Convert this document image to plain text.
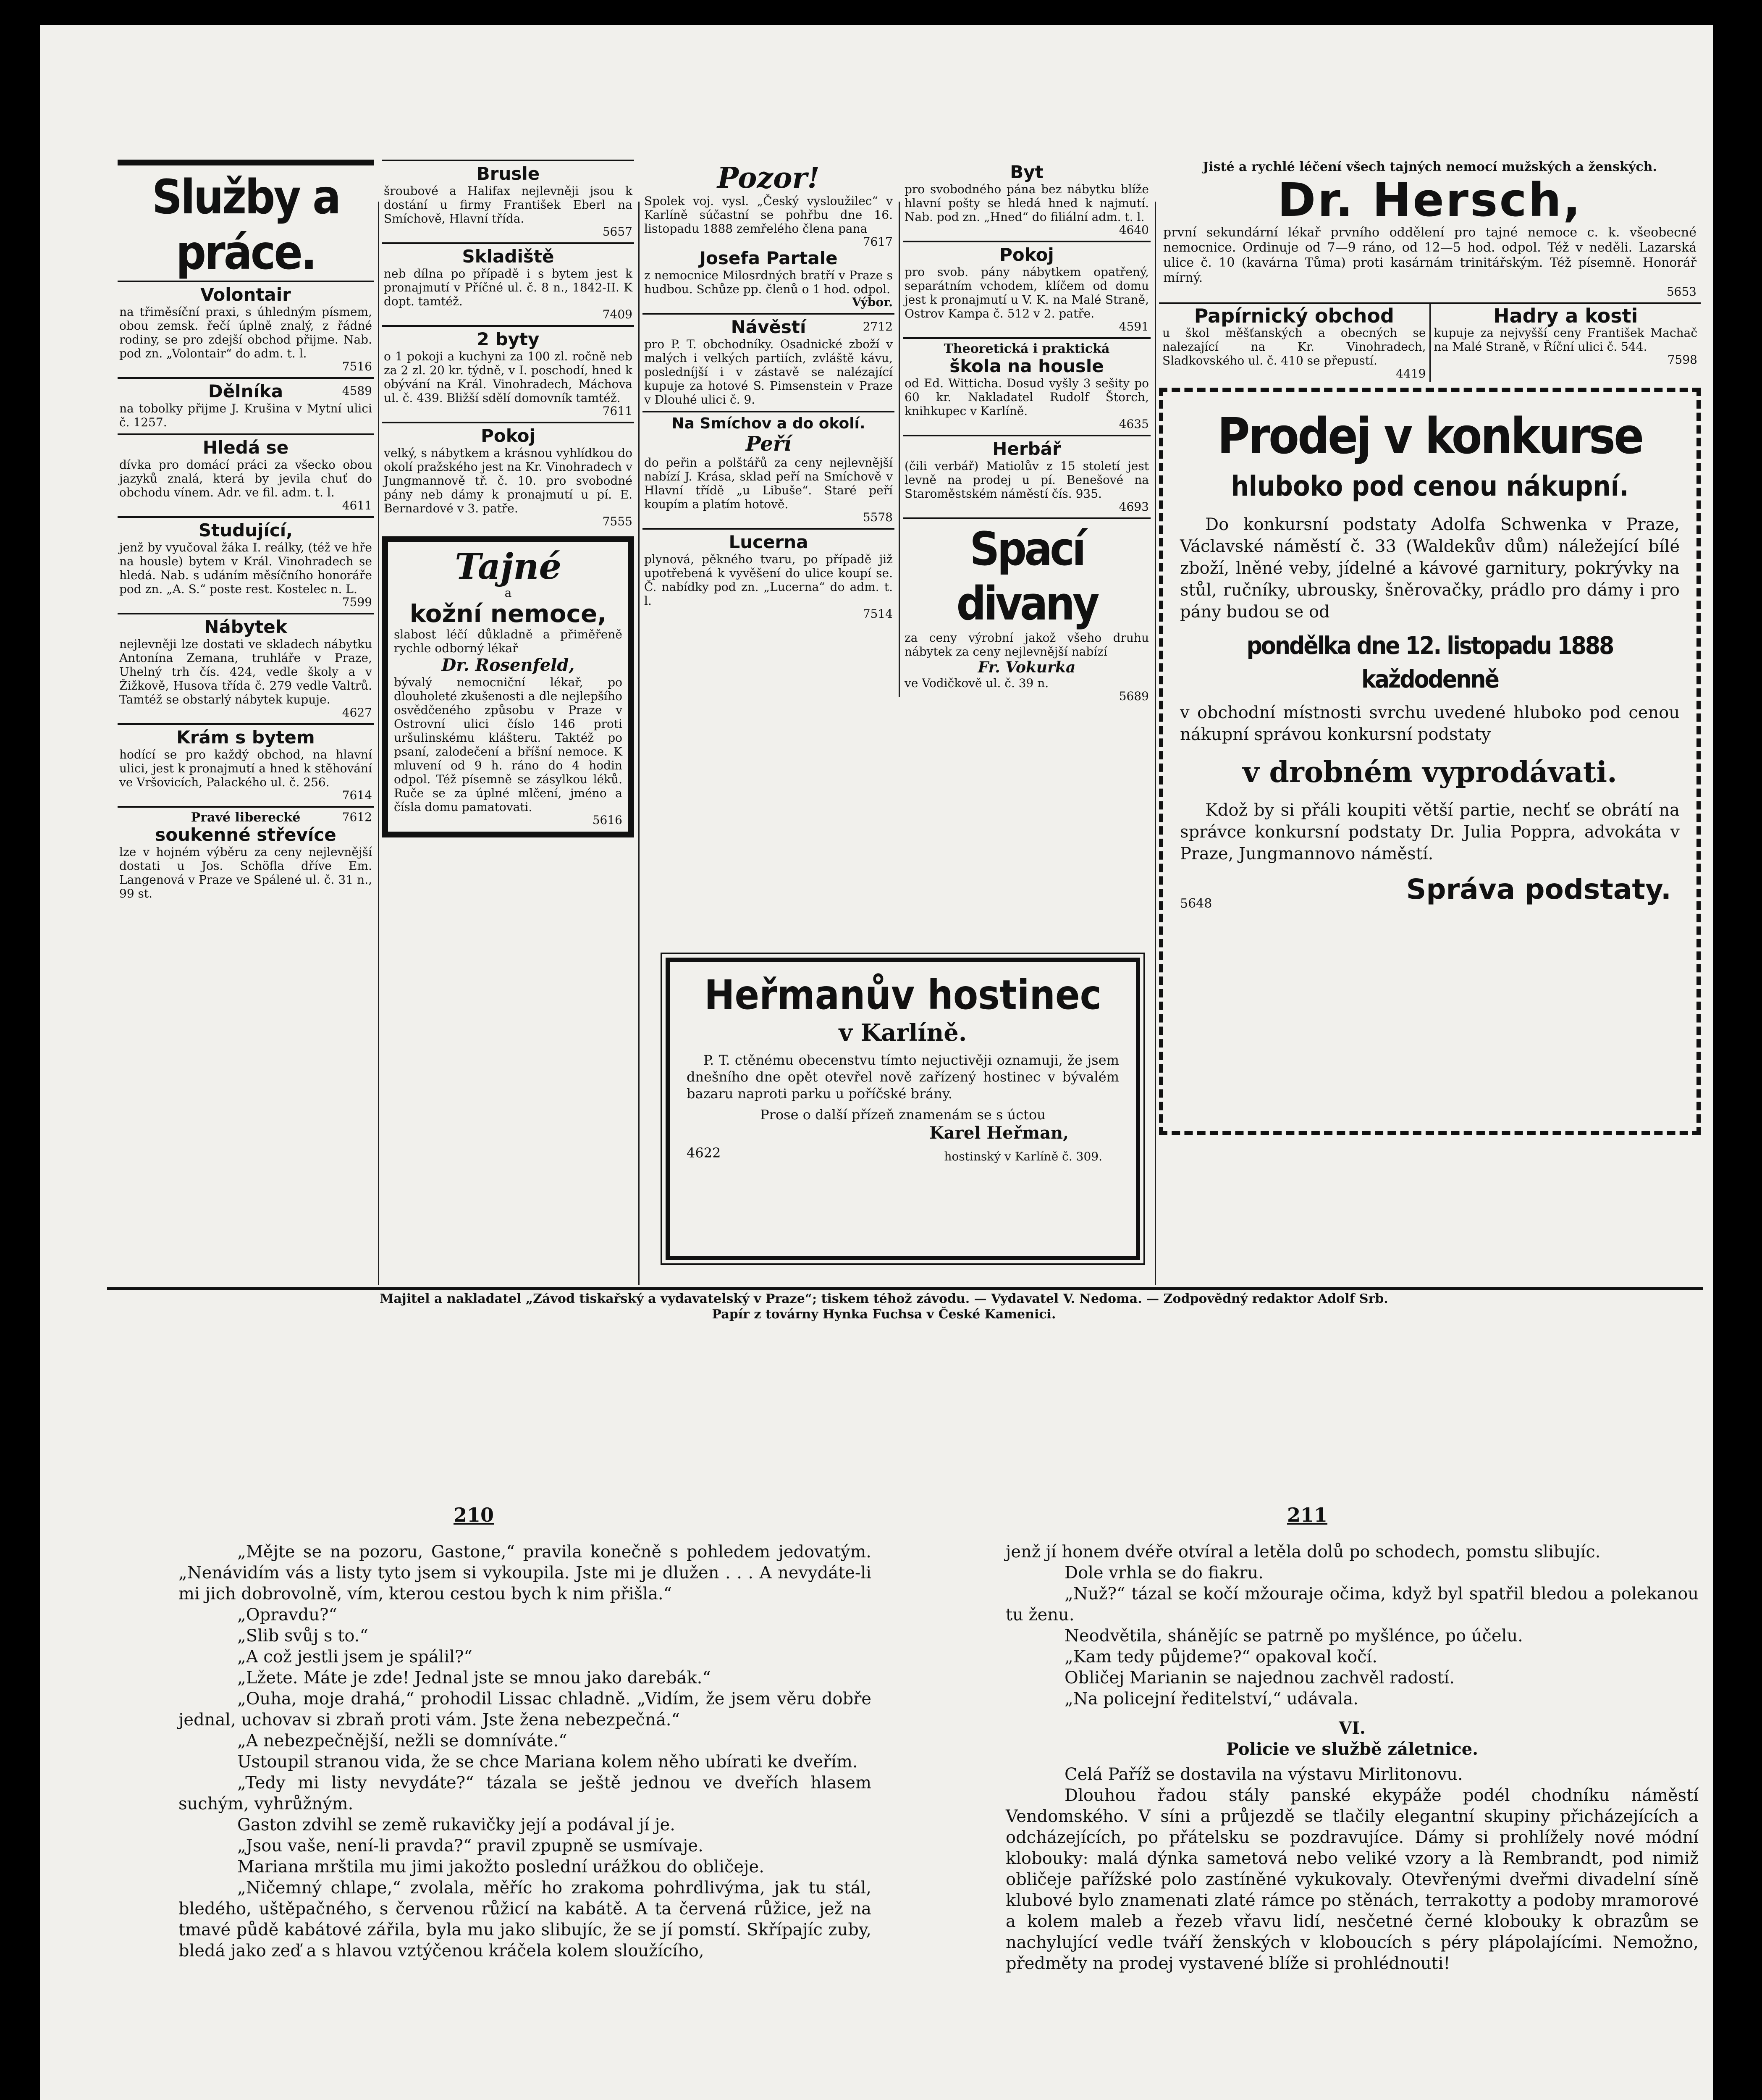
Služby a práce.
Volontair
na třiměsíční praxi, s úhledným písmem, obou zemsk. řečí úplně znalý, z řádné rodiny, se pro zdejší obchod přijme. Nab. pod zn. „Volontair“ do adm. t. l.
7516
Dělníka	4589
na tobolky přijme J. Krušina v Mytní ulici č. 1257.
Hledá se
dívka pro domácí práci za všecko obou jazyků znalá, která by jevila chuť do obchodu vínem. Adr. ve fil. adm. t. l.
4611
Studující,
jenž by vyučoval žáka I. reálky, (též ve hře na housle) bytem v Král. Vinohradech se hledá. Nab. s udáním měsíčního honoráře pod zn. „A. S.“ poste rest. Kostelec n. L.
7599
Nábytek
nejlevněji lze dostati ve skladech nábytku Antonína Zemana, truhláře v Praze, Uhelný trh čís. 424, vedle školy a v Žižkově, Husova třída č. 279 vedle Valtrů. Tamtéž se obstarlý nábytek kupuje.
4627
Krám s bytem
hodící se pro každý obchod, na hlavní ulici, jest k pronajmutí a hned k stěhování ve Vršovicích, Palackého ul. č. 256.
7614
Pravé liberecké	7612
soukenné střevíce
lze v hojném výběru za ceny nejlevnější dostati u Jos. Schöfla dříve Em. Langenová v Praze ve Spálené ul. č. 31 n., 99 st.
Brusle
šroubové a Halifax nejlevněji jsou k dostání u firmy František Eberl na Smíchově, Hlavní třída.
5657
Skladiště
neb dílna po případě i s bytem jest k pronajmutí v Příčné ul. č. 8 n., 1842-II. K dopt. tamtéž.
7409
2 byty
o 1 pokoji a kuchyni za 100 zl. ročně neb za 2 zl. 20 kr. týdně, v I. poschodí, hned k obývání na Král. Vinohradech, Máchova ul. č. 439. Bližší sdělí domovník tamtéž.
7611
Pokoj
velký, s nábytkem a krásnou vyhlídkou do okolí pražského jest na Kr. Vinohradech v Jungmannově tř. č. 10. pro svobodné pány neb dámy k pronajmutí u pí. E. Bernardové v 3. patře.
7555
Tajné
a
kožní nemoce,
slabost léčí důkladně a přiměřeně rychle odborný lékař
Dr. Rosenfeld,
bývalý nemocniční lékař, po dlouholeté zkušenosti a dle nejlepšího osvědčeného způsobu v Praze v Ostrovní ulici číslo 146 proti uršulinskému klášteru. Taktéž po psaní, zalodečení a bříšní nemoce. K mluvení od 9 h. ráno do 4 hodin odpol. Též písemně se zásylkou léků. Ruče se za úplné mlčení, jméno a čísla domu pamatovati.
5616
Pozor!
Spolek voj. vysl. „Český vysloužilec“ v Karlíně súčastní se pohřbu dne 16. listopadu 1888 zemřelého člena pana
7617
Josefa Partale
z nemocnice Milosrdných bratří v Praze s hudbou. Schůze pp. členů o 1 hod. odpol.
Výbor.
Návěstí	2712
pro P. T. obchodníky. Osadnické zboží v malých i velkých partiích, zvláště kávu, posledníjší i v zástavě se nalézající kupuje za hotové S. Pimsenstein v Praze v Dlouhé ulici č. 9.
Na Smíchov a do okolí.
Peří
do peřin a polštářů za ceny nejlevnější nabízí J. Krása, sklad peří na Smíchově v Hlavní třídě „u Libuše“. Staré peří koupím a platím hotově.
5578
Lucerna
plynová, pěkného tvaru, po případě již upotřebená k vyvěšení do ulice koupí se. Č. nabídky pod zn. „Lucerna“ do adm. t. l.
7514
Byt
pro svobodného pána bez nábytku blíže hlavní pošty se hledá hned k najmutí. Nab. pod zn. „Hned“ do filiální adm. t. l.
4640
Pokoj
pro svob. pány nábytkem opatřený, separátním vchodem, klíčem od domu jest k pronajmutí u V. K. na Malé Straně, Ostrov Kampa č. 512 v 2. patře.
4591
Theoretická i praktická
škola na housle
od Ed. Witticha. Dosud vyšly 3 sešity po 60 kr. Nakladatel Rudolf Štorch, knihkupec v Karlíně.
4635
Herbář
(čili verbář) Matiolův z 15 století jest levně na prodej u pí. Benešové na Staroměstském náměstí čís. 935.
4693
Spací divany
za ceny výrobní jakož všeho druhu nábytek za ceny nejlevnější nabízí
Fr. Vokurka
ve Vodičkově ul. č. 39 n.
5689
Heřmanův hostinec
v Karlíně.

P. T. ctěnému obecenstvu tímto nejuctivěji oznamuji, že jsem dnešního dne opět otevřel nově zařízený hostinec v bývalém bazaru naproti parku u poříčské brány.

Prose o další přízeň znamenám se s úctou

4622
Karel Heřman,
hostinský v Karlíně č. 309.
Jisté a rychlé léčení všech tajných nemocí mužských a ženských.
Dr. Hersch,
první sekundární lékař prvního oddělení pro tajné nemoce c. k. všeobecné nemocnice. Ordinuje od 7—9 ráno, od 12—5 hod. odpol. Též v neděli. Lazarská ulice č. 10 (kavárna Tůma) proti kasárnám trinitářským. Též písemně. Honorář mírný.
5653
Papírnický obchod
u škol měšťanských a obecných se nalezající na Kr. Vinohradech, Sladkovského ul. č. 410 se přepustí.
4419
Hadry a kosti
kupuje za nejvyšší ceny František Machač na Malé Straně, v Říční ulici č. 544.
7598
Prodej v konkurse
hluboko pod cenou nákupní.

Do konkursní podstaty Adolfa Schwenka v Praze, Václavské náměstí č. 33 (Waldekův dům) náležející bílé zboží, lněné veby, jídelné a kávové garnitury, pokrývky na stůl, ručníky, ubrousky, šněrovačky, prádlo pro dámy i pro pány budou se od

pondělka dne 12. listopadu 1888 každodenně

v obchodní místnosti svrchu uvedené hluboko pod cenou nákupní správou konkursní podstaty

v drobném vyprodávati.

Kdož by si přáli koupiti větší partie, nechť se obrátí na správce konkursní podstaty Dr. Julia Poppra, advokáta v Praze, Jungmannovo náměstí.

5648	Správa podstaty.
Majitel a nakladatel „Závod tiskařský a vydavatelský v Praze“; tiskem téhož závodu. — Vydavatel V. Nedoma. — Zodpovědný redaktor Adolf Srb.
Papír z továrny Hynka Fuchsa v České Kamenici.
210	211

„Mějte se na pozoru, Gastone,“ pravila konečně s pohledem jedovatým. „Nenávidím vás a listy tyto jsem si vykoupila. Jste mi je dlužen . . . A nevydáte-li mi jich dobrovolně, vím, kterou cestou bych k nim přišla.“

„Opravdu?“

„Slib svůj s to.“

„A což jestli jsem je spálil?“

„Lžete. Máte je zde! Jednal jste se mnou jako darebák.“

„Ouha, moje drahá,“ prohodil Lissac chladně. „Vidím, že jsem věru dobře jednal, uchovav si zbraň proti vám. Jste žena nebezpečná.“

„A nebezpečnější, nežli se domníváte.“

Ustoupil stranou vida, že se chce Mariana kolem něho ubírati ke dveřím.

„Tedy mi listy nevydáte?“ tázala se ještě jednou ve dveřích hlasem suchým, vyhrůžným.

Gaston zdvihl se země rukavičky její a podával jí je.

„Jsou vaše, není-li pravda?“ pravil zpupně se usmívaje.

Mariana mrštila mu jimi jakožto poslední urážkou do obličeje.

„Ničemný chlape,“ zvolala, měříc ho zrakoma pohrdlivýma, jak tu stál, bledého, uštěpačného, s červenou růžicí na kabátě. A ta červená růžice, jež na tmavé půdě kabátové zářila, byla mu jako slibujíc, že se jí pomstí. Skřípajíc zuby, bledá jako zeď a s hlavou vztýčenou kráčela kolem sloužícího,

jenž jí honem dvéře otvíral a letěla dolů po schodech, pomstu slibujíc.

Dole vrhla se do fiakru.

„Nuž?“ tázal se kočí mžouraje očima, když byl spatřil bledou a polekanou tu ženu.

Neodvětila, shánějíc se patrně po myšlénce, po účelu.

„Kam tedy půjdeme?“ opakoval kočí.

Obličej Marianin se najednou zachvěl radostí.

„Na policejní ředitelství,“ udávala.

VI.

Policie ve službě záletnice.

Celá Paříž se dostavila na výstavu Mirlitonovu.

Dlouhou řadou stály panské ekypáže podél chodníku náměstí Vendomského. V síni a průjezdě se tlačily elegantní skupiny přicházejících a odcházejících, po přátelsku se pozdravujíce. Dámy si prohlížely nové módní klobouky: malá dýnka sametová nebo veliké vzory a là Rembrandt, pod nimiž obličeje pařížské polo zastíněné vykukovaly. Otevřenými dveřmi divadelní síně klubové bylo znamenati zlaté rámce po stěnách, terrakotty a podoby mramorové a kolem maleb a řezeb vřavu lidí, nesčetné černé klobouky k obrazům se nachylující vedle tváří ženských v kloboucích s péry plápolajícími. Nemožno, předměty na prodej vystavené blíže si prohlédnouti!
